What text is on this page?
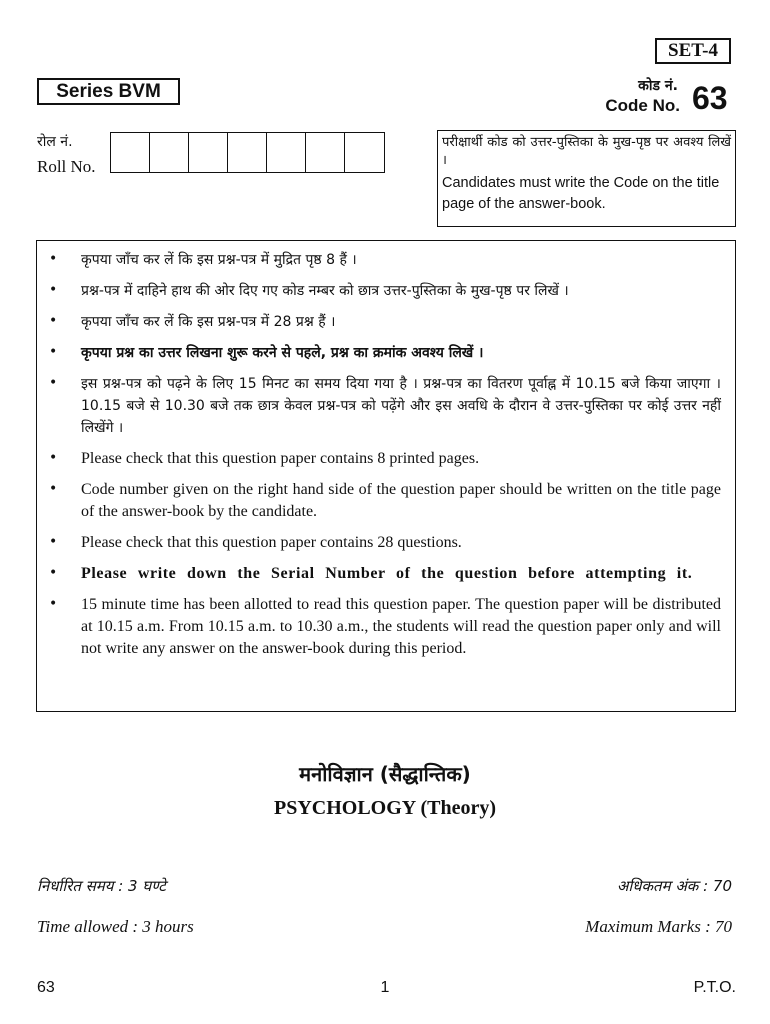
SET-4
Series BVM	कोड नं.
Code No. 63
रोल नं.
Roll No.
परीक्षार्थी कोड को उत्तर-पुस्तिका के मुख-पृष्ठ पर अवश्य लिखें ।
Candidates must write the Code on the title page of the answer-book.
•	कृपया जाँच कर लें कि इस प्रश्न-पत्र में मुद्रित पृष्ठ 8 हैं ।
•	प्रश्न-पत्र में दाहिने हाथ की ओर दिए गए कोड नम्बर को छात्र उत्तर-पुस्तिका के मुख-पृष्ठ पर लिखें ।
•	कृपया जाँच कर लें कि इस प्रश्न-पत्र में 28 प्रश्न हैं ।
•	कृपया प्रश्न का उत्तर लिखना शुरू करने से पहले, प्रश्न का क्रमांक अवश्य लिखें ।
•	इस प्रश्न-पत्र को पढ़ने के लिए 15 मिनट का समय दिया गया है । प्रश्न-पत्र का वितरण पूर्वाह्न में 10.15 बजे किया जाएगा । 10.15 बजे से 10.30 बजे तक छात्र केवल प्रश्न-पत्र को पढ़ेंगे और इस अवधि के दौरान वे उत्तर-पुस्तिका पर कोई उत्तर नहीं लिखेंगे ।
•	Please check that this question paper contains 8 printed pages.
•	Code number given on the right hand side of the question paper should be written on the title page of the answer-book by the candidate.
•	Please check that this question paper contains 28 questions.
•	Please write down the Serial Number of the question before attempting it.
•	15 minute time has been allotted to read this question paper. The question paper will be distributed at 10.15 a.m. From 10.15 a.m. to 10.30 a.m., the students will read the question paper only and will not write any answer on the answer-book during this period.
मनोविज्ञान (सैद्धान्तिक)
PSYCHOLOGY (Theory)
निर्धारित समय : 3 घण्टे	अधिकतम अंक : 70
Time allowed : 3 hours	Maximum Marks : 70
63	1	P.T.O.
